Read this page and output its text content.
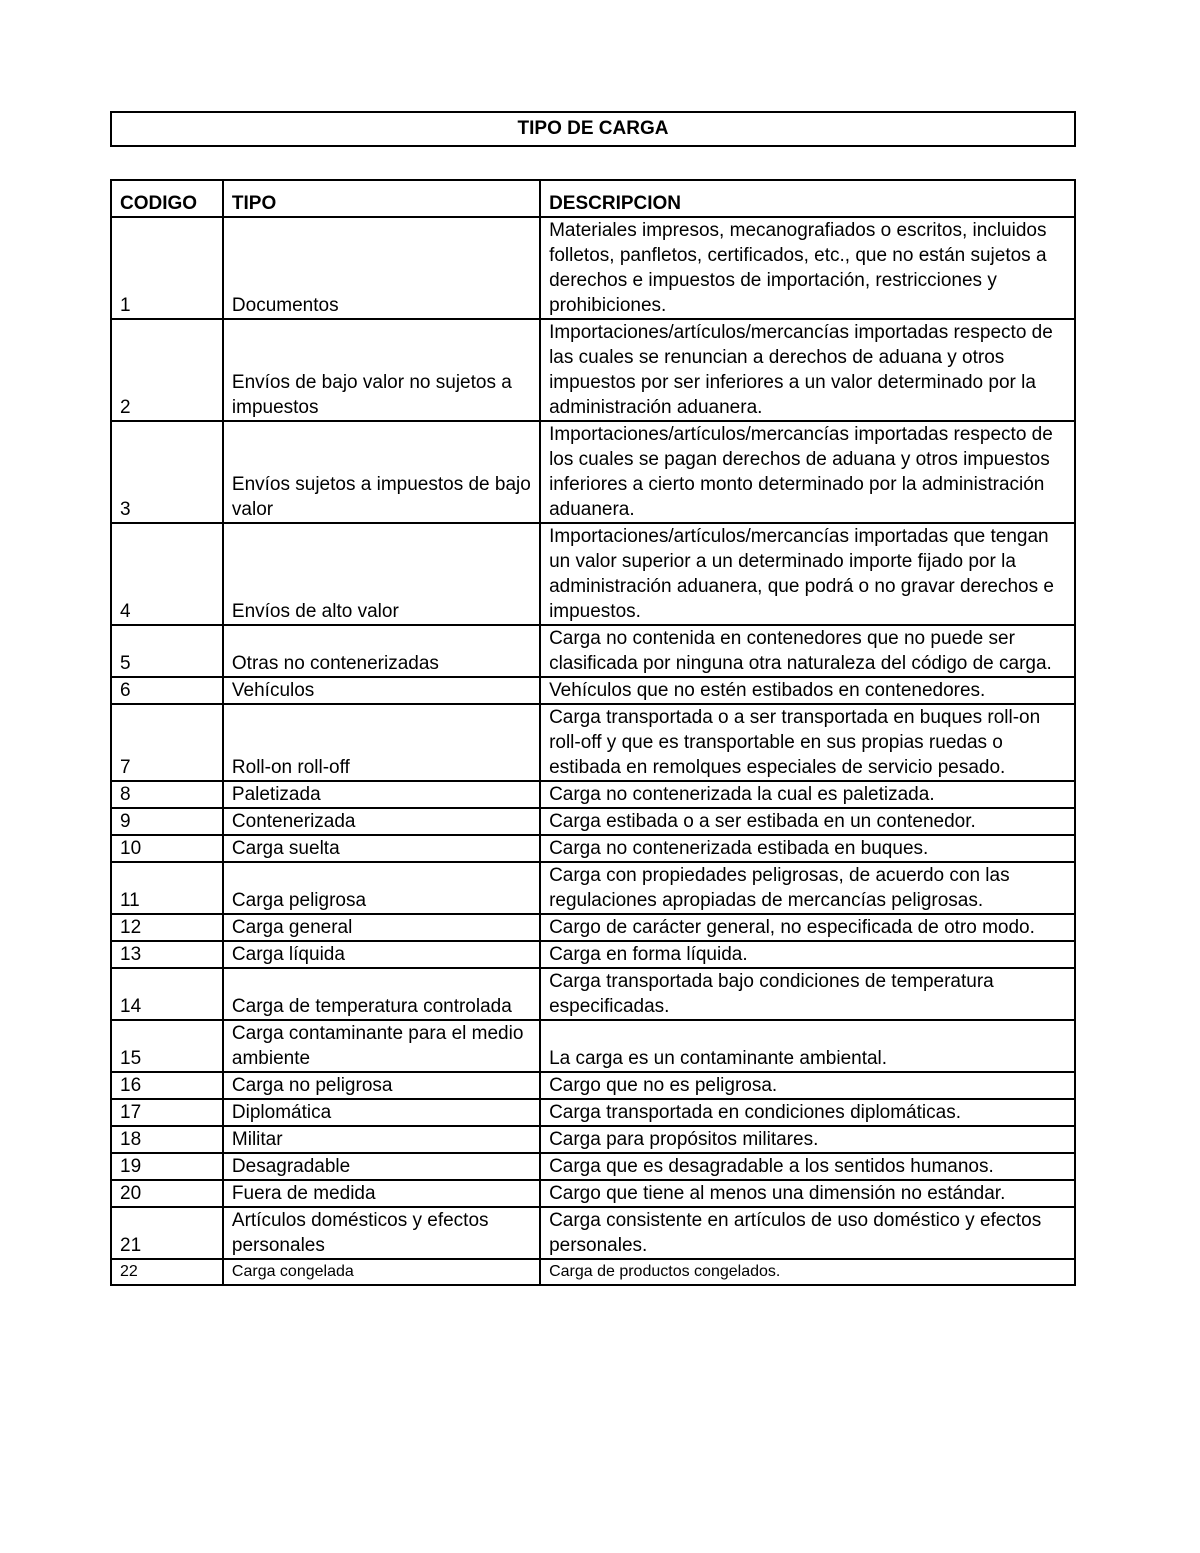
TIPO DE CARGA
CODIGO	TIPO	DESCRIPCION
1	Documentos	Materiales impresos, mecanografiados o escritos, incluidos folletos, panfletos, certificados, etc., que no están sujetos a derechos e impuestos de importación, restricciones y prohibiciones.
2	Envíos de bajo valor no sujetos a impuestos	Importaciones/artículos/mercancías importadas respecto de las cuales se renuncian a derechos de aduana y otros impuestos por ser inferiores a un valor determinado por la administración aduanera.
3	Envíos sujetos a impuestos de bajo valor	Importaciones/artículos/mercancías importadas respecto de los cuales se pagan derechos de aduana y otros impuestos inferiores a cierto monto determinado por la administración aduanera.
4	Envíos de alto valor	Importaciones/artículos/mercancías importadas que tengan un valor superior a un determinado importe fijado por la administración aduanera, que podrá o no gravar derechos e impuestos.
5	Otras no contenerizadas	Carga no contenida en contenedores que no puede ser clasificada por ninguna otra naturaleza del código de carga.
6	Vehículos	Vehículos que no estén estibados en contenedores.
7	Roll-on roll-off	Carga transportada o a ser transportada en buques roll-on roll-off y que es transportable en sus propias ruedas o estibada en remolques especiales de servicio pesado.
8	Paletizada	Carga no contenerizada la cual es paletizada.
9	Contenerizada	Carga estibada o a ser estibada en un contenedor.
10	Carga suelta	Carga no contenerizada estibada en buques.
11	Carga peligrosa	Carga con propiedades peligrosas, de acuerdo con las regulaciones apropiadas de mercancías peligrosas.
12	Carga general	Cargo de carácter general, no especificada de otro modo.
13	Carga líquida	Carga en forma líquida.
14	Carga de temperatura controlada	Carga transportada bajo condiciones de temperatura especificadas.
15	Carga contaminante para el medio ambiente	La carga es un contaminante ambiental.
16	Carga no peligrosa	Cargo que no es peligrosa.
17	Diplomática	Carga transportada en condiciones diplomáticas.
18	Militar	Carga para propósitos militares.
19	Desagradable	Carga que es desagradable a los sentidos humanos.
20	Fuera de medida	Cargo que tiene al menos una dimensión no estándar.
21	Artículos domésticos y efectos personales	Carga consistente en artículos de uso doméstico y efectos personales.
22	Carga congelada	Carga de productos congelados.
